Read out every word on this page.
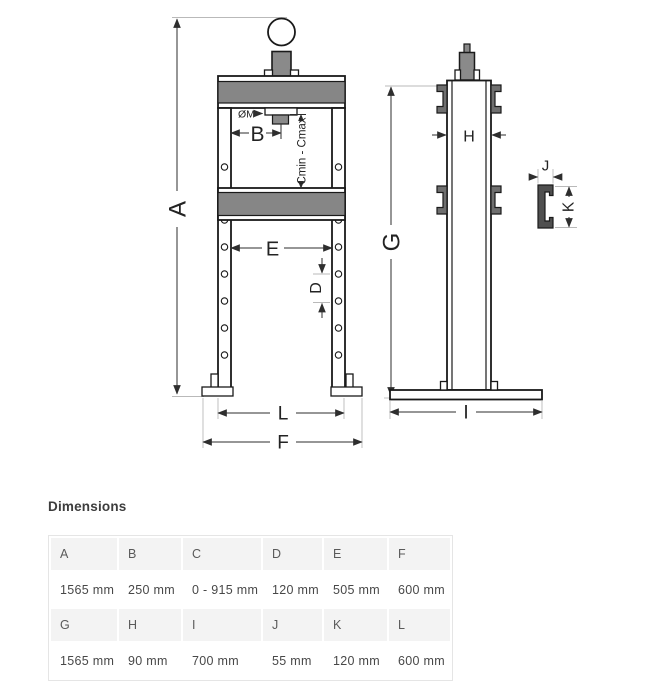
A
ØM
B	Cmin - Cmax
E
D
L
F
G
H
I
J
K
Dimensions
A	B	C	D	E	F
1565 mm	250 mm	0 - 915 mm	120 mm	505 mm	600 mm
G	H	I	J	K	L
1565 mm	90 mm	700 mm	55 mm	120 mm	600 mm
